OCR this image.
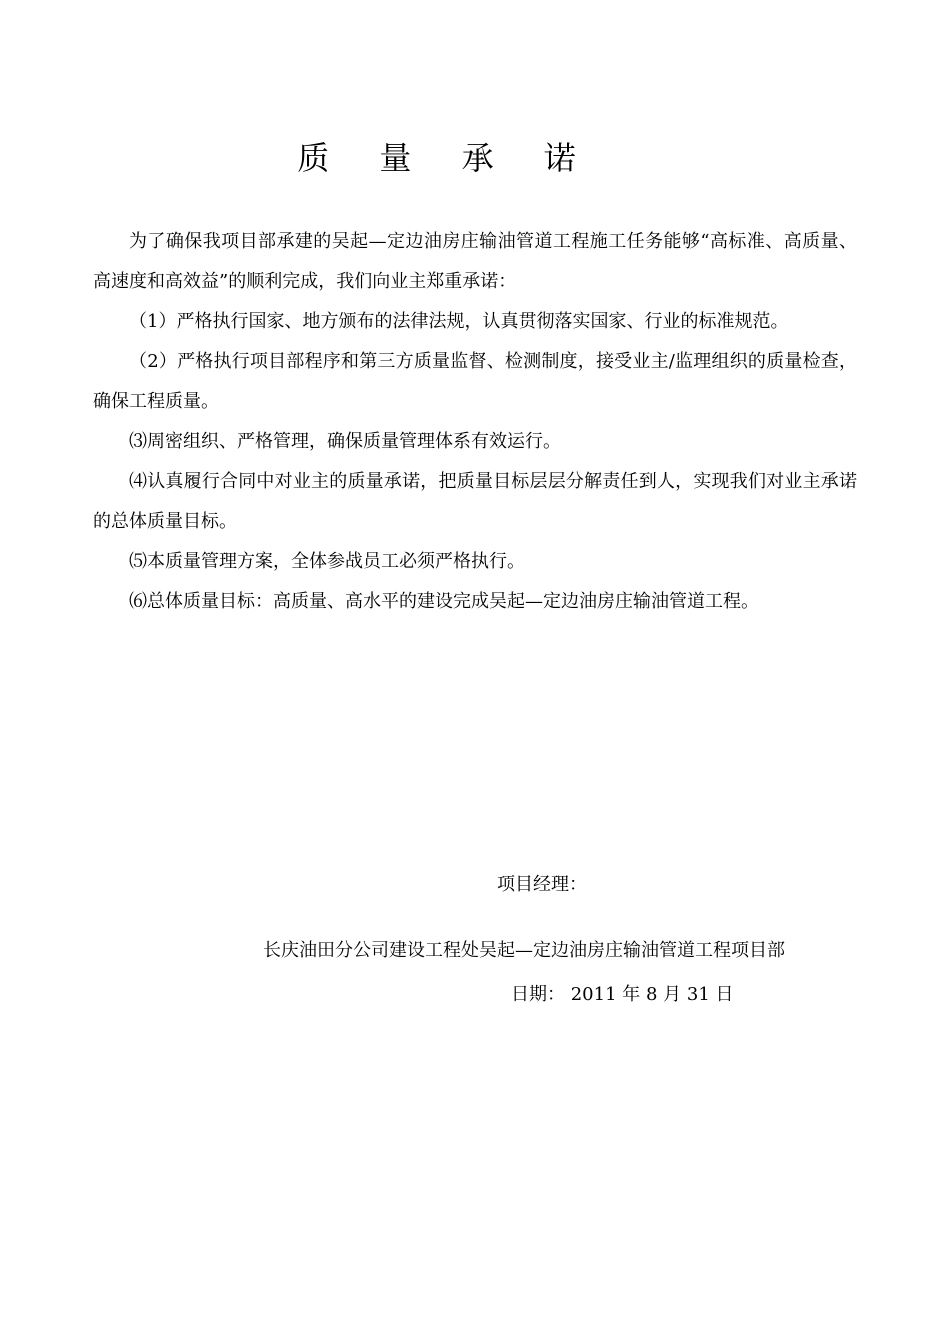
质 量 承 诺

为了确保我项目部承建的吴起—定边油房庄输油管道工程施工任务能够“高标准、高质量、高速度和高效益”的顺利完成，我们向业主郑重承诺：

（1）严格执行国家、地方颁布的法律法规，认真贯彻落实国家、行业的标准规范。

（2）严格执行项目部程序和第三方质量监督、检测制度，接受业主/监理组织的质量检查，确保工程质量。

⑶周密组织、严格管理，确保质量管理体系有效运行。

⑷认真履行合同中对业主的质量承诺，把质量目标层层分解责任到人，实现我们对业主承诺的总体质量目标。

⑸本质量管理方案，全体参战员工必须严格执行。

⑹总体质量目标：高质量、高水平的建设完成吴起—定边油房庄输油管道工程。

项目经理：
长庆油田分公司建设工程处吴起—定边油房庄输油管道工程项目部
日期： 2011 年 8 月 31 日
